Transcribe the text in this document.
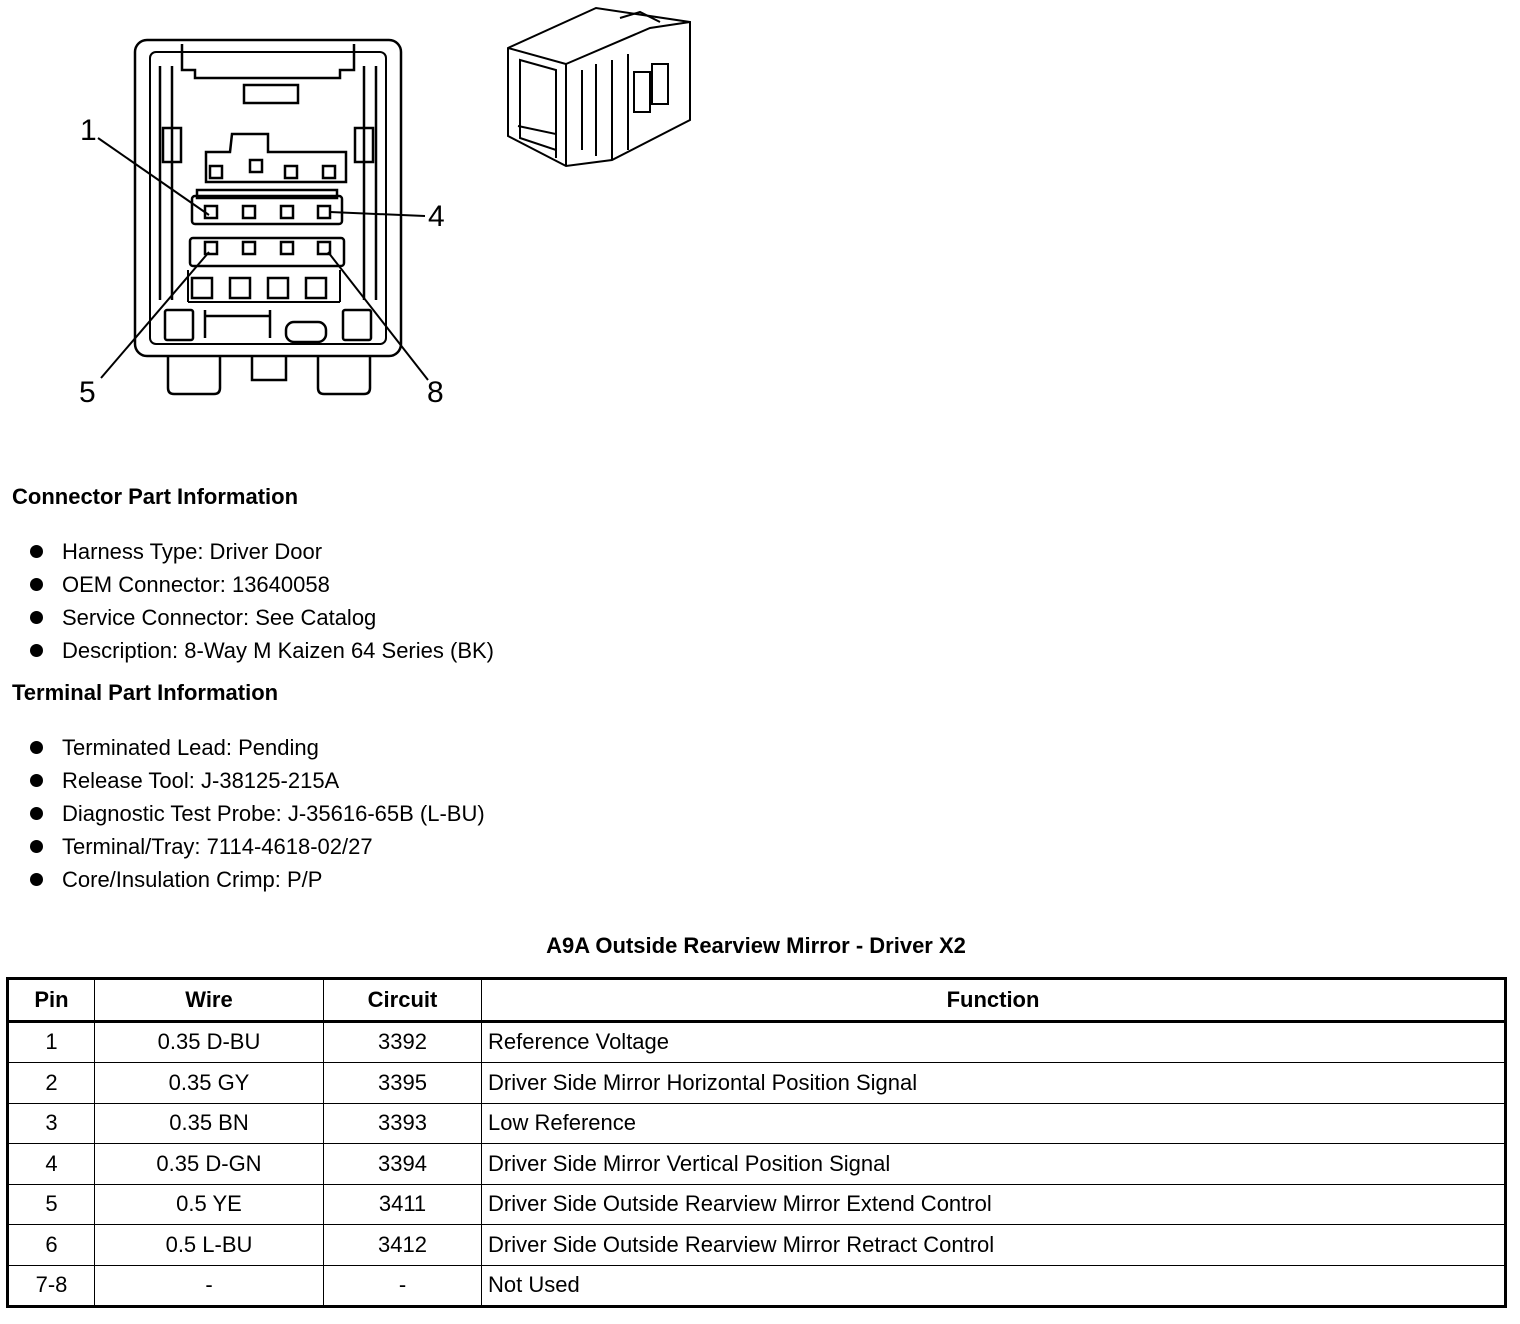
1
4
5	8
Connector Part Information
Harness Type: Driver Door
OEM Connector: 13640058
Service Connector: See Catalog
Description: 8-Way M Kaizen 64 Series (BK)
Terminal Part Information
Terminated Lead: Pending
Release Tool: J-38125-215A
Diagnostic Test Probe: J-35616-65B (L-BU)
Terminal/Tray: 7114-4618-02/27
Core/Insulation Crimp: P/P
A9A Outside Rearview Mirror - Driver X2
Pin	Wire	Circuit	Function
1	0.35 D-BU	3392	Reference Voltage
2	0.35 GY	3395	Driver Side Mirror Horizontal Position Signal
3	0.35 BN	3393	Low Reference
4	0.35 D-GN	3394	Driver Side Mirror Vertical Position Signal
5	0.5 YE	3411	Driver Side Outside Rearview Mirror Extend Control
6	0.5 L-BU	3412	Driver Side Outside Rearview Mirror Retract Control
7-8	-	-	Not Used
